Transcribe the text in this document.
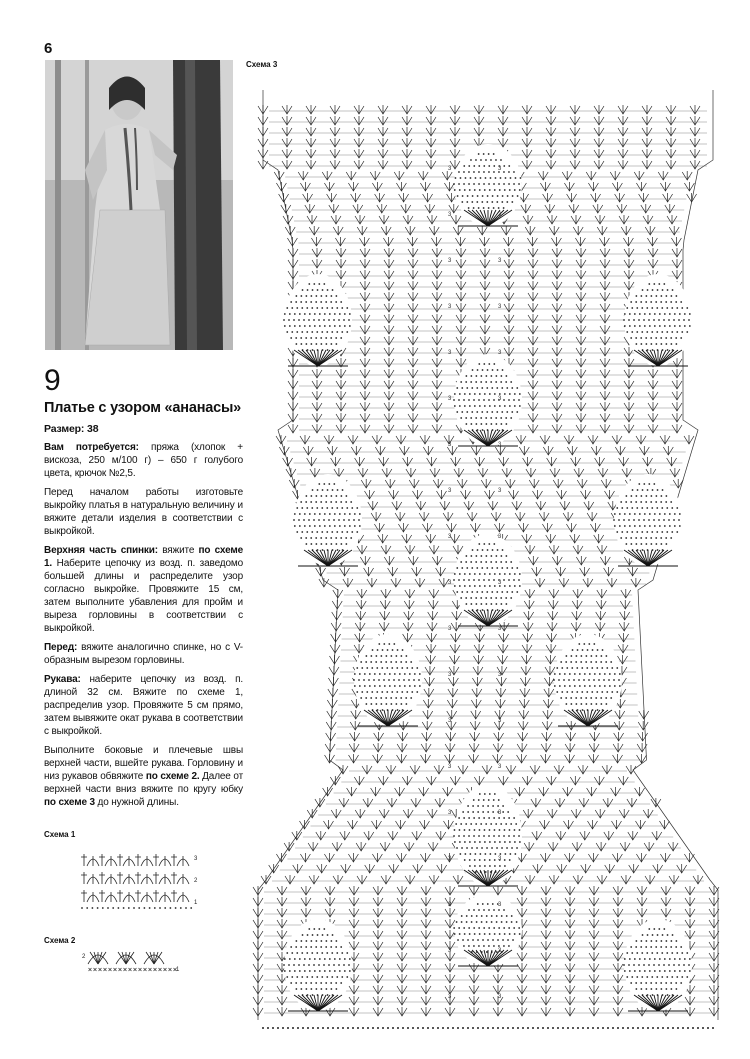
6
9
Платье с узором «ананасы»

Размер: 38

Вам потребуется: пряжа (хлопок + вискоза, 250 м/100 г) – 650 г голубого цвета, крючок №2,5.

Перед началом работы изготовьте выкройку платья в натуральную величину и вяжите детали изделия в соответствии с выкройкой.

Верхняя часть спинки: вяжите по схеме 1. Наберите цепочку из возд. п. заведомо большей длины и распределите узор согласно выкройке. Провяжите 15 см, затем выполните убавления для пройм и выреза горловины в соответствии с выкройкой.

Перед: вяжите аналогично спинке, но с V-образным вырезом горловины.

Рукава: наберите цепочку из возд. п. длиной 32 см. Вяжите по схеме 1, распределив узор. Провяжите 5 см прямо, затем вывяжите окат рукава в соответствии с выкройкой.

Выполните боковые и плечевые швы верхней части, вшейте рукава. Горловину и низ рукавов обвяжите по схеме 2. Далее от верхней части вниз вяжите по кругу юбку по схеме 3 до нужной длины.

Схема 1
3
2
1
Схема 2
2
1
Схема 3
3	3
3	3
3	3
3	3
3	3
3	3
3	3
3	3
3	3
3	3
3	3
3	3
3	3
3	3
3	3
3	3
3	3
3	3
3	3
